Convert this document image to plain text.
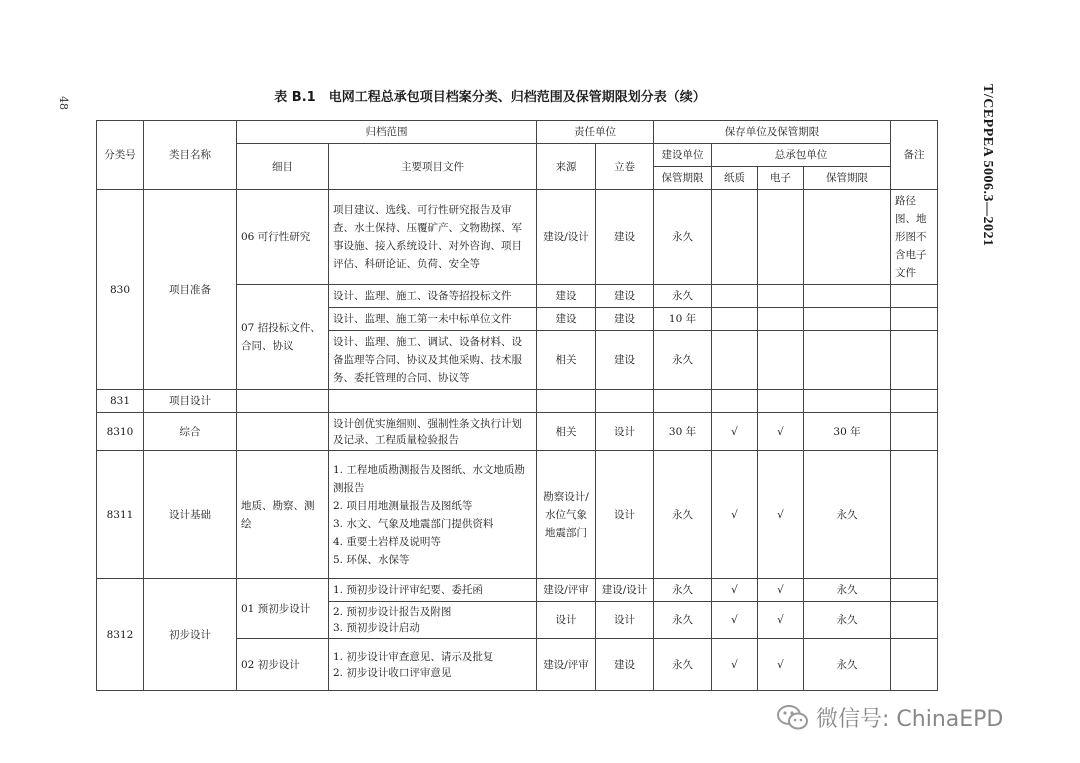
48	T/CEPPEA 5006.3—2021
表 B.1　电网工程总承包项目档案分类、归档范围及保管期限划分表（续）
分类号	类目名称	归档范围		责任单位		保存单位及保管期限				备注
		细目	主要项目文件	来源	立卷	建设单位	总承包单位			
						保管期限	纸质	电子	保管期限	
830	项目准备	06 可行性研究	项目建议、选线、可行性研究报告及审查、水土保持、压覆矿产、文物勘探、军事设施、接入系统设计、对外咨询、项目评估、科研论证、负荷、安全等	建设/设计	建设	永久				路径图、地形图不含电子文件
		07 招投标文件、合同、协议	设计、监理、施工、设备等招投标文件	建设	建设	永久				
			设计、监理、施工第一未中标单位文件	建设	建设	10 年				
			设计、监理、施工、调试、设备材料、设备监理等合同、协议及其他采购、技术服务、委托管理的合同、协议等	相关	建设	永久				
831	项目设计									
8310	综合		设计创优实施细则、强制性条文执行计划及记录、工程质量检验报告	相关	设计	30 年	√	√	30 年	
8311	设计基础	地质、勘察、测绘	1. 工程地质勘测报告及图纸、水文地质勘测报告
2. 项目用地测量报告及图纸等
3. 水文、气象及地震部门提供资料
4. 重要土岩样及说明等
5. 环保、水保等	勘察设计/水位气象地震部门	设计	永久	√	√	永久	
8312	初步设计	01 预初步设计	1. 预初步设计评审纪要、委托函	建设/评审	建设/设计	永久	√	√	永久	

			2. 预初步设计报告及附图
3. 预初步设计启动	设计	设计	永久	√	√	永久	
		02 初步设计	1. 初步设计审查意见、请示及批复
2. 初步设计收口评审意见	建设/评审	建设	永久	√	√	永久	
微信号: ChinaEPD
